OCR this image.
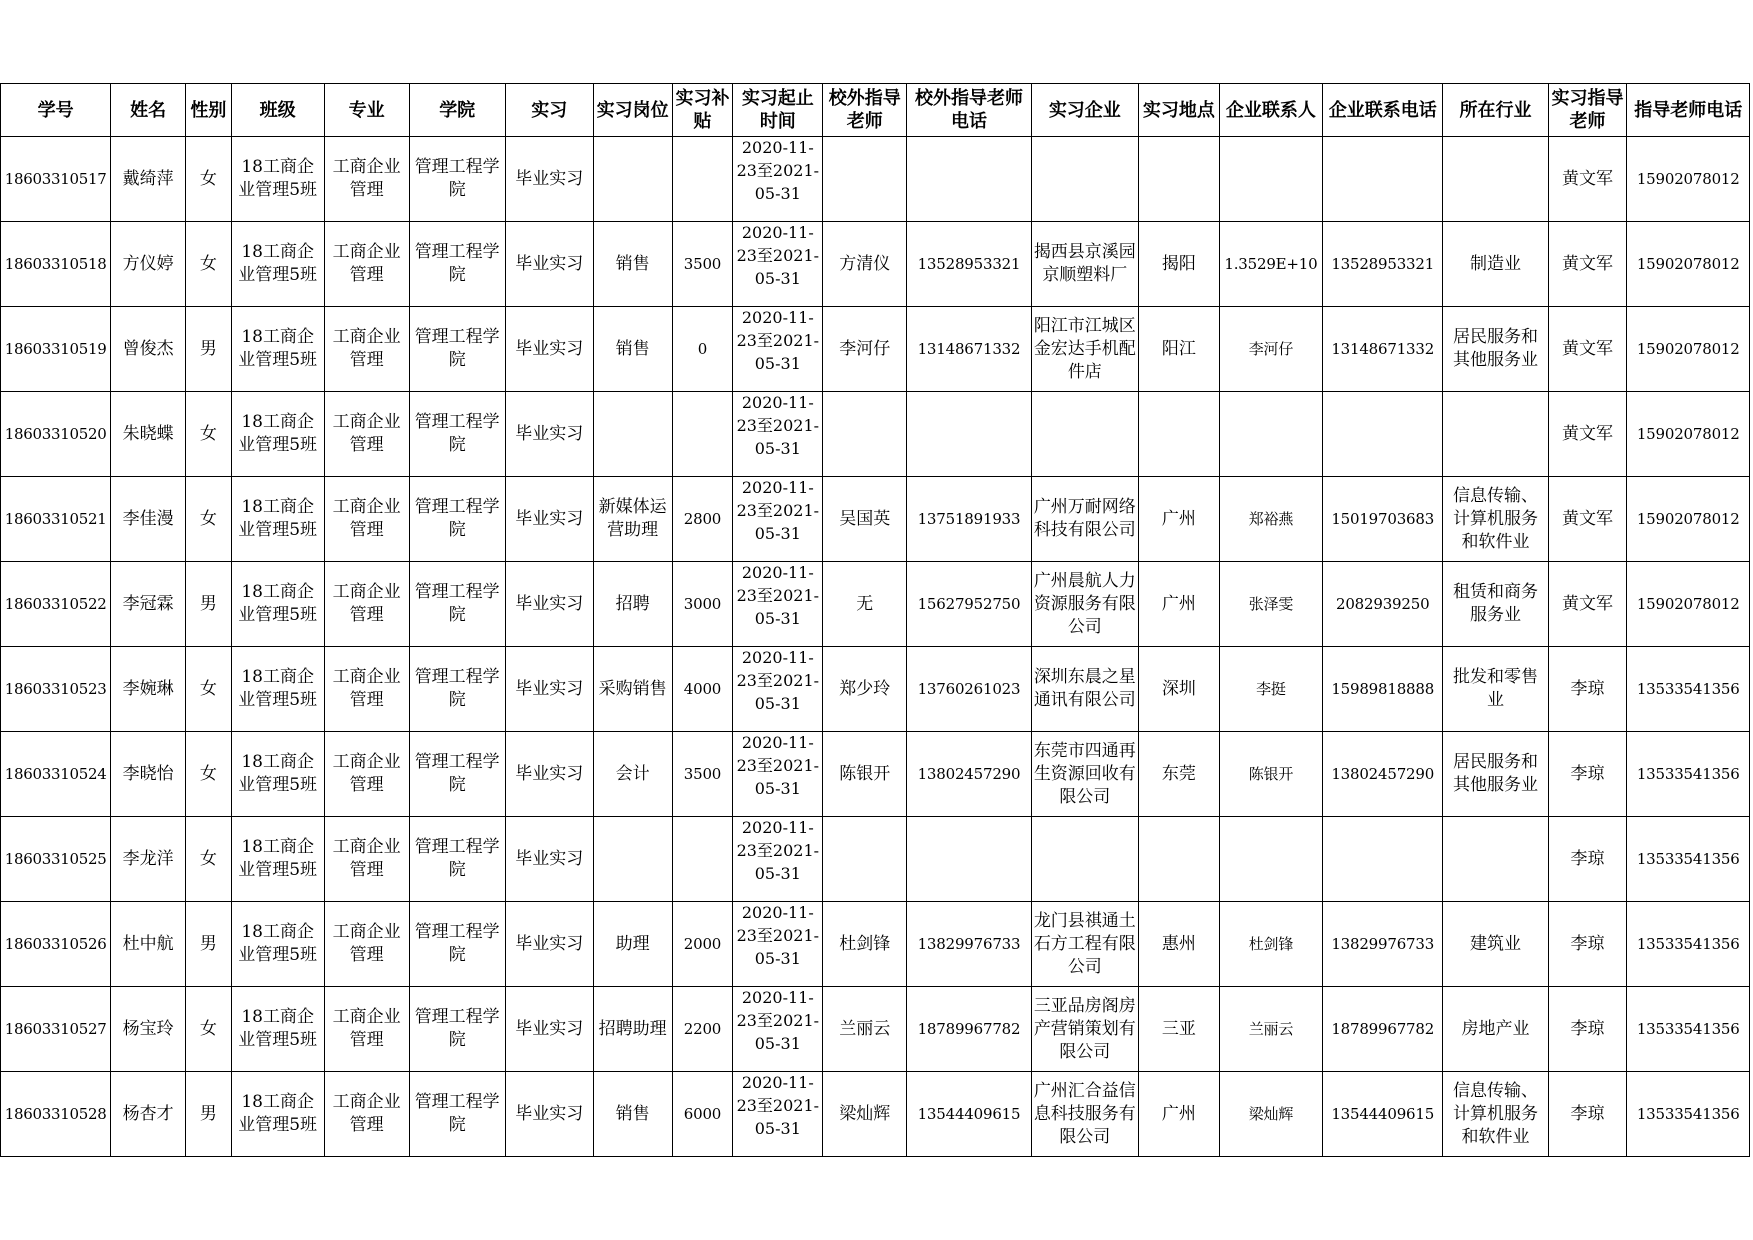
学号	姓名	性别	班级	专业	学院	实习	实习岗位	实习补贴	实习起止时间	校外指导老师	校外指导老师电话	实习企业	实习地点	企业联系人	企业联系电话	所在行业	实习指导老师	指导老师电话
18603310517	戴绮萍	女	18工商企业管理5班	工商企业管理	管理工程学院	毕业实习			2020-11-23至2021-05-31								黄文军	15902078012
18603310518	方仪婷	女	18工商企业管理5班	工商企业管理	管理工程学院	毕业实习	销售	3500	2020-11-23至2021-05-31	方清仪	13528953321	揭西县京溪园京顺塑料厂	揭阳	1.3529E+10	13528953321	制造业	黄文军	15902078012
18603310519	曾俊杰	男	18工商企业管理5班	工商企业管理	管理工程学院	毕业实习	销售	0	2020-11-23至2021-05-31	李河仔	13148671332	阳江市江城区金宏达手机配件店	阳江	李河仔	13148671332	居民服务和其他服务业	黄文军	15902078012
18603310520	朱晓蝶	女	18工商企业管理5班	工商企业管理	管理工程学院	毕业实习			2020-11-23至2021-05-31								黄文军	15902078012
18603310521	李佳漫	女	18工商企业管理5班	工商企业管理	管理工程学院	毕业实习	新媒体运营助理	2800	2020-11-23至2021-05-31	吴国英	13751891933	广州万耐网络科技有限公司	广州	郑裕燕	15019703683	信息传输、计算机服务和软件业	黄文军	15902078012
18603310522	李冠霖	男	18工商企业管理5班	工商企业管理	管理工程学院	毕业实习	招聘	3000	2020-11-23至2021-05-31	无	15627952750	广州晨航人力资源服务有限公司	广州	张泽雯	2082939250	租赁和商务服务业	黄文军	15902078012
18603310523	李婉琳	女	18工商企业管理5班	工商企业管理	管理工程学院	毕业实习	采购销售	4000	2020-11-23至2021-05-31	郑少玲	13760261023	深圳东晨之星通讯有限公司	深圳	李挺	15989818888	批发和零售业	李琼	13533541356
18603310524	李晓怡	女	18工商企业管理5班	工商企业管理	管理工程学院	毕业实习	会计	3500	2020-11-23至2021-05-31	陈银开	13802457290	东莞市四通再生资源回收有限公司	东莞	陈银开	13802457290	居民服务和其他服务业	李琼	13533541356
18603310525	李龙洋	女	18工商企业管理5班	工商企业管理	管理工程学院	毕业实习			2020-11-23至2021-05-31								李琼	13533541356
18603310526	杜中航	男	18工商企业管理5班	工商企业管理	管理工程学院	毕业实习	助理	2000	2020-11-23至2021-05-31	杜剑锋	13829976733	龙门县祺通土石方工程有限公司	惠州	杜剑锋	13829976733	建筑业	李琼	13533541356
18603310527	杨宝玲	女	18工商企业管理5班	工商企业管理	管理工程学院	毕业实习	招聘助理	2200	2020-11-23至2021-05-31	兰丽云	18789967782	三亚品房阁房产营销策划有限公司	三亚	兰丽云	18789967782	房地产业	李琼	13533541356
18603310528	杨杏才	男	18工商企业管理5班	工商企业管理	管理工程学院	毕业实习	销售	6000	2020-11-23至2021-05-31	梁灿辉	13544409615	广州汇合益信息科技服务有限公司	广州	梁灿辉	13544409615	信息传输、计算机服务和软件业	李琼	13533541356
